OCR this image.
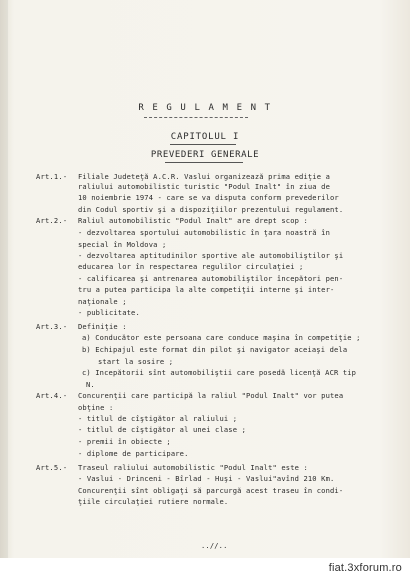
R E G U L A M E N T
CAPITOLUL I
PREVEDERI GENERALE
Art.1.- Filiale Judeteţă A.C.R. Vaslui organizează prima ediţie a
raliului automobilistic turistic "Podul Inalt" în ziua de
10 noiembrie 1974 - care se va disputa conform prevederilor
din Codul sportiv şi a dispoziţiilor prezentului regulament.
Art.2.- Raliul automobilistic "Podul Inalt" are drept scop :
- dezvoltarea sportului automobilistic în ţara noastră în
special în Moldova ;
- dezvoltarea aptitudinilor sportive ale automobiliştilor şi
educarea lor în respectarea regulilor circulaţiei ;
- calificarea şi antrenarea automobiliştilor începători pen-
tru a putea participa la alte competiţii interne şi inter-
naţionale ;
- publicitate.
Art.3.- Definiţie :
a) Conducător este persoana care conduce maşina în competiţie ;
b) Echipajul este format din pilot şi navigator aceiaşi dela
start la sosire ;
c) Incepătorii sînt automobiliştii care posedă licenţă ACR tip
N.
Art.4.- Concurenţii care participă la raliul "Podul Inalt" vor putea
obţine :
- titlul de cîştigător al raliului ;
- titlul de cîştigător al unei clase ;
- premii în obiecte ;
- diplome de participare.
Art.5.- Traseul raliului automobilistic "Podul Inalt" este :
- Vaslui - Drinceni - Bîrlad - Huşi - Vaslui"avînd 210 Km.
Concurenţii sînt obligaţi să parcurgă acest traseu în condi-
ţiile circulaţiei rutiere normale.
..//..
fiat.3xforum.ro
